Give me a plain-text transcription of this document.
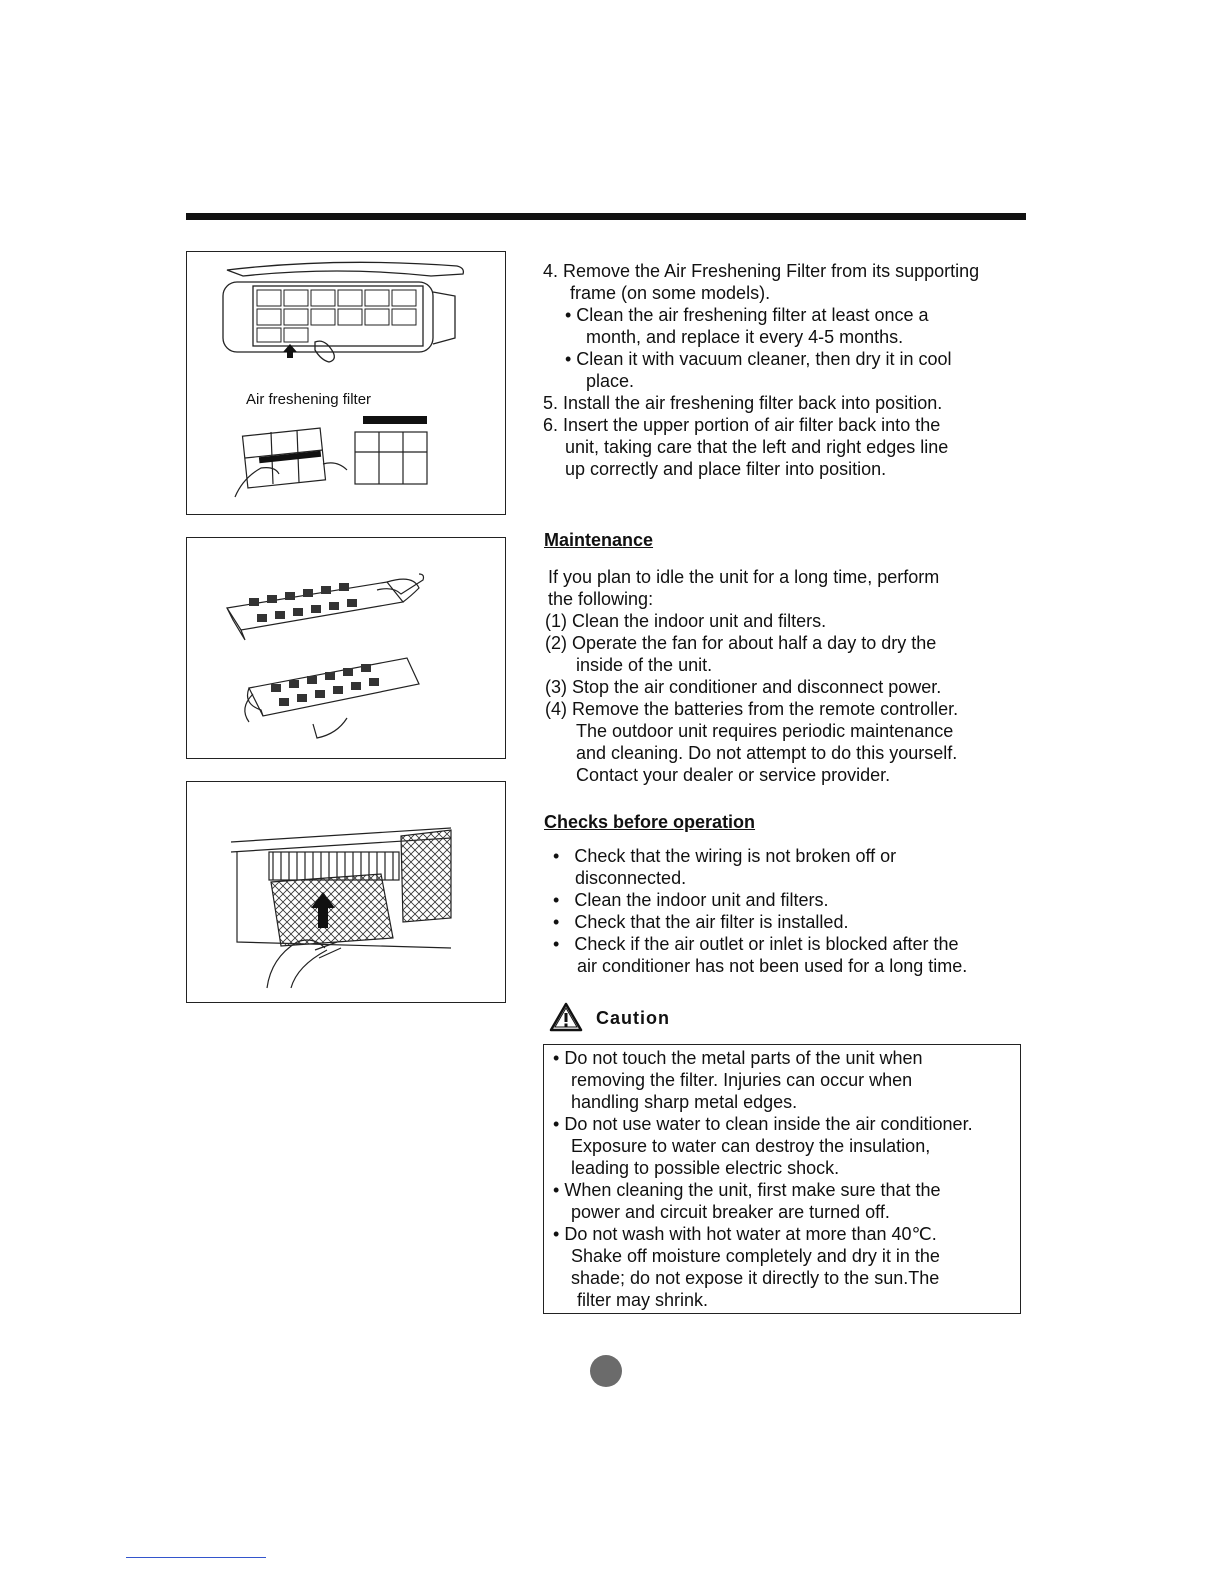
Air freshening filter
4. Remove the Air Freshening Filter from its supporting
frame (on some models).
• Clean the air freshening filter at least once a
month, and replace it every 4-5 months.
• Clean it with vacuum cleaner, then dry it in cool
place.
5. Install the air freshening filter back into position.
6. Insert the upper portion of air filter back into the
unit, taking care that the left and right edges line
up correctly and place filter into position.
Maintenance
If you plan to idle the unit for a long time, perform
the following:
(1) Clean the indoor unit and filters.
(2) Operate the fan for about half a day to dry the
inside of the unit.
(3) Stop the air conditioner and disconnect power.
(4) Remove the batteries from the remote controller.
The outdoor unit requires periodic maintenance
and cleaning. Do not attempt to do this yourself.
Contact your dealer or service provider.
Checks before operation
•    Check that the wiring is not broken off or
disconnected.
•    Clean the indoor unit and filters.
•    Check that the air filter is installed.
•    Check if the air outlet or inlet is blocked after the
air conditioner has not been used for a long time.
Caution
•  Do not touch the metal parts of the unit when
removing the filter. Injuries can occur when
handling sharp metal edges.
•  Do not use water to clean inside the air conditioner.
Exposure to water can destroy the insulation,
leading to possible electric shock.
•  When cleaning the unit, first make sure that the
power and circuit breaker are turned off.
•  Do not wash with hot water at more than 40℃.
Shake off moisture completely and dry it in the
shade; do not expose it directly to the sun.The
filter may shrink.
